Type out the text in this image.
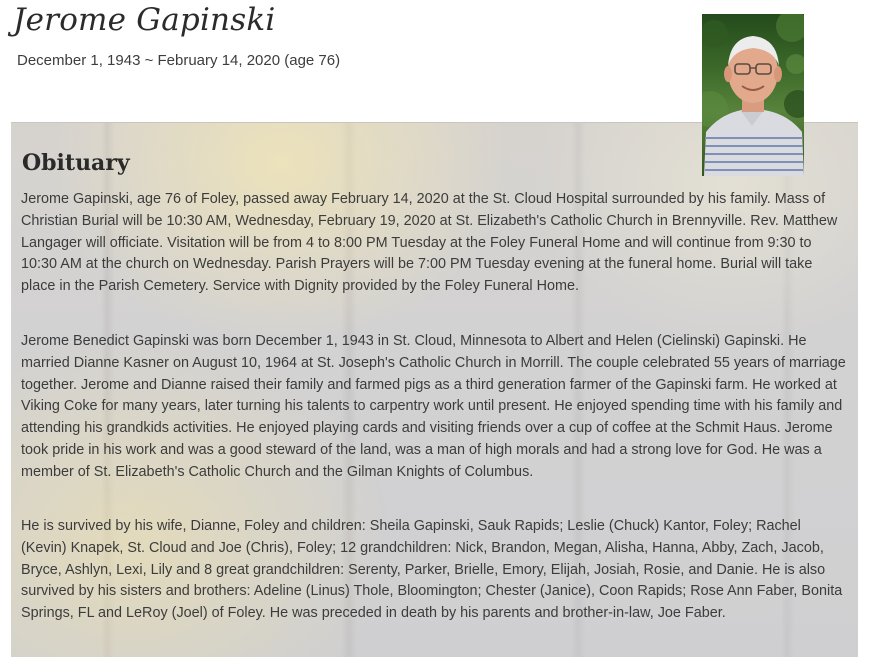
Jerome Gapinski
December 1, 1943 ~ February 14, 2020 (age 76)
Obituary

Jerome Gapinski, age 76 of Foley, passed away February 14, 2020 at the St. Cloud Hospital surrounded by his family. Mass of Christian Burial will be 10:30 AM, Wednesday, February 19, 2020 at St. Elizabeth's Catholic Church in Brennyville. Rev. Matthew Langager will officiate. Visitation will be from 4 to 8:00 PM Tuesday at the Foley Funeral Home and will continue from 9:30 to 10:30 AM at the church on Wednesday. Parish Prayers will be 7:00 PM Tuesday evening at the funeral home. Burial will take place in the Parish Cemetery. Service with Dignity provided by the Foley Funeral Home.

Jerome Benedict Gapinski was born December 1, 1943 in St. Cloud, Minnesota to Albert and Helen (Cielinski) Gapinski. He married Dianne Kasner on August 10, 1964 at St. Joseph's Catholic Church in Morrill. The couple celebrated 55 years of marriage together. Jerome and Dianne raised their family and farmed pigs as a third generation farmer of the Gapinski farm. He worked at Viking Coke for many years, later turning his talents to carpentry work until present. He enjoyed spending time with his family and attending his grandkids activities. He enjoyed playing cards and visiting friends over a cup of coffee at the Schmit Haus. Jerome took pride in his work and was a good steward of the land, was a man of high morals and had a strong love for God. He was a member of St. Elizabeth's Catholic Church and the Gilman Knights of Columbus.

He is survived by his wife, Dianne, Foley and children: Sheila Gapinski, Sauk Rapids; Leslie (Chuck) Kantor, Foley; Rachel (Kevin) Knapek, St. Cloud and Joe (Chris), Foley; 12 grandchildren: Nick, Brandon, Megan, Alisha, Hanna, Abby, Zach, Jacob, Bryce, Ashlyn, Lexi, Lily and 8 great grandchildren: Serenty, Parker, Brielle, Emory, Elijah, Josiah, Rosie, and Danie. He is also survived by his sisters and brothers: Adeline (Linus) Thole, Bloomington; Chester (Janice), Coon Rapids; Rose Ann Faber, Bonita Springs, FL and LeRoy (Joel) of Foley. He was preceded in death by his parents and brother-in-law, Joe Faber.
